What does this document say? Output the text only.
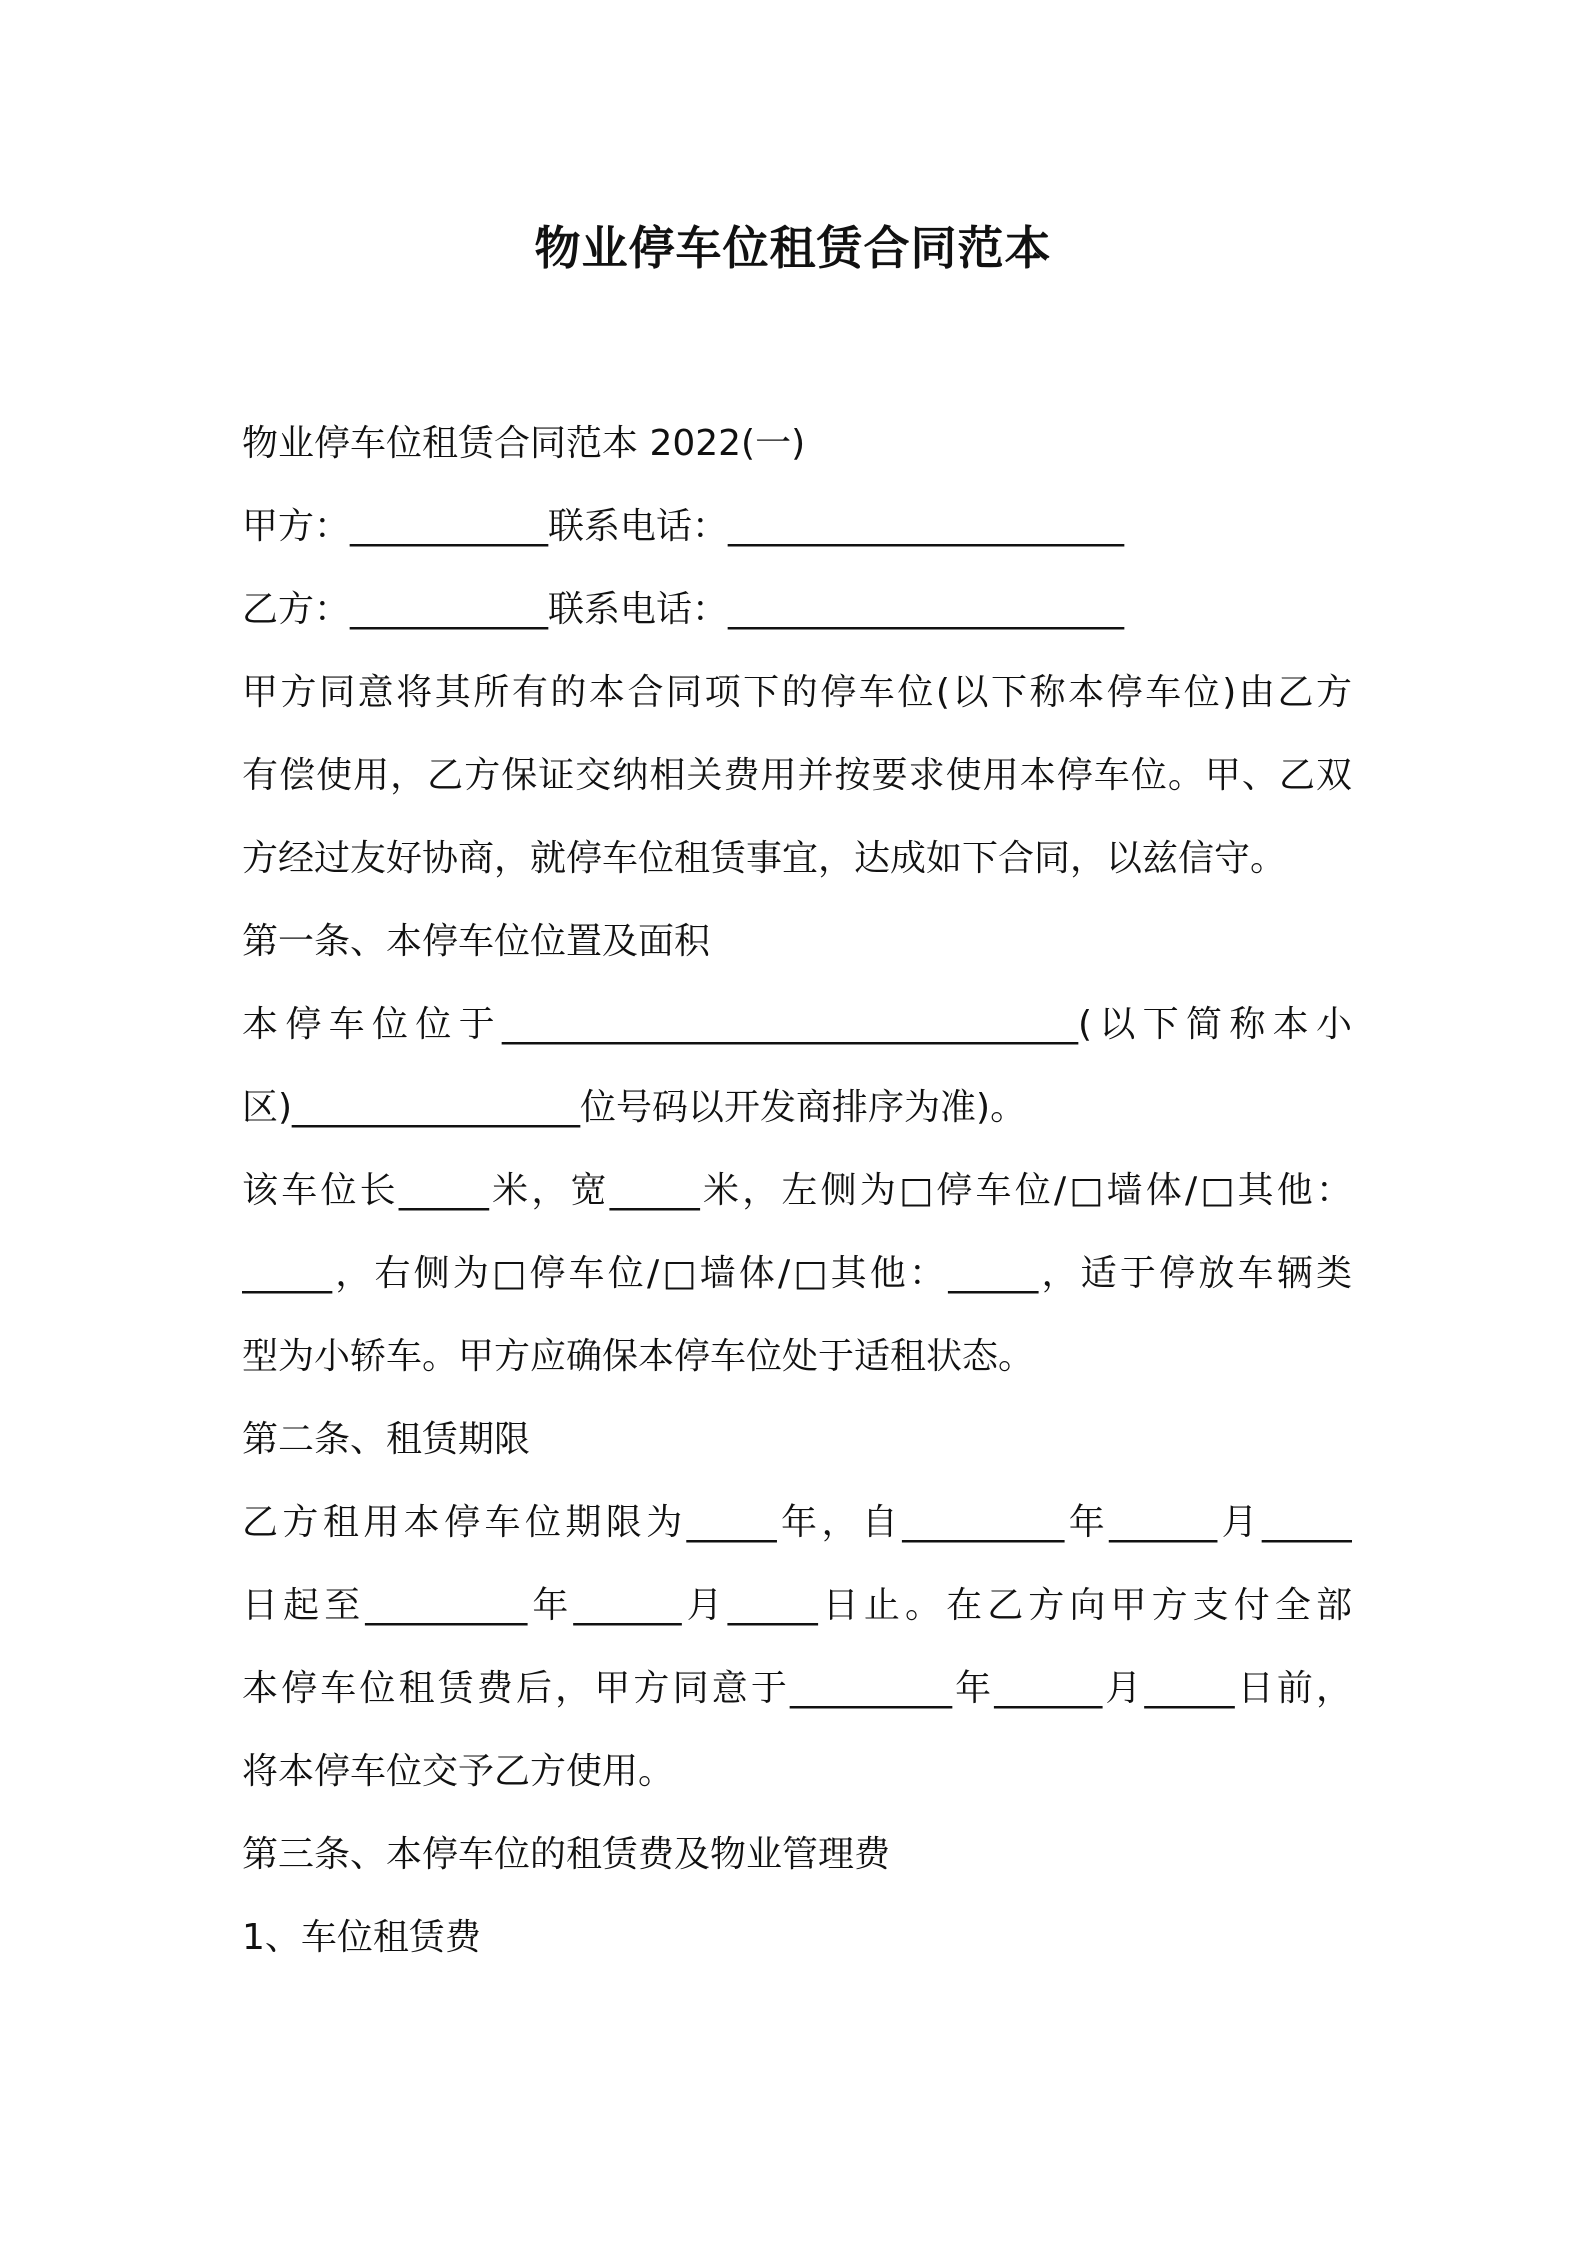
物业停车位租赁合同范本
物业停车位租赁合同范本 2022(一)
甲方：___________联系电话：______________________
乙方：___________联系电话：______________________
甲方同意将其所有的本合同项下的停车位(以下称本停车位)由乙方
有偿使用，乙方保证交纳相关费用并按要求使用本停车位。甲、乙双
方经过友好协商，就停车位租赁事宜，达成如下合同，以兹信守。
第一条、本停车位位置及面积
本停车位位于________________________________(以下简称本小
区)________________位号码以开发商排序为准)。
该车位长_____米，宽_____米，左侧为□停车位/□墙体/□其他：
_____，右侧为□停车位/□墙体/□其他：_____，适于停放车辆类
型为小轿车。甲方应确保本停车位处于适租状态。
第二条、租赁期限
乙方租用本停车位期限为_____年，自_________年______月_____
日起至_________年______月_____日止。在乙方向甲方支付全部
本停车位租赁费后，甲方同意于_________年______月_____日前，
将本停车位交予乙方使用。
第三条、本停车位的租赁费及物业管理费
1、车位租赁费
